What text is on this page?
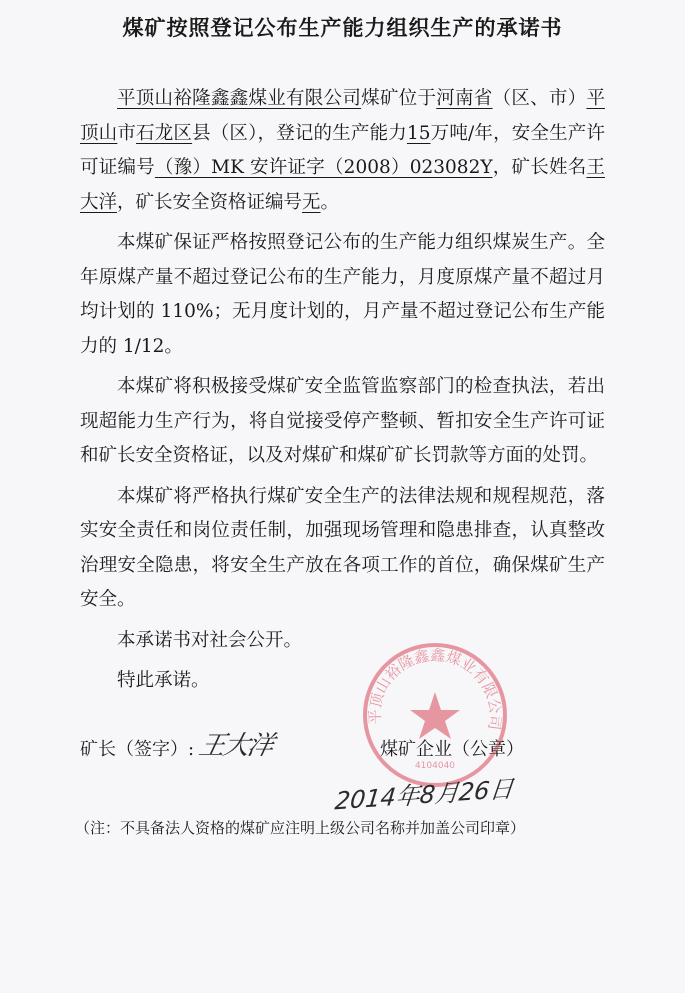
煤矿按照登记公布生产能力组织生产的承诺书

平顶山裕隆鑫鑫煤业有限公司煤矿位于河南省（区、市）平顶山市石龙区县（区），登记的生产能力15万吨/年，安全生产许可证编号（豫）MK 安许证字（2008）023082Y，矿长姓名王大洋，矿长安全资格证编号无。

本煤矿保证严格按照登记公布的生产能力组织煤炭生产。全年原煤产量不超过登记公布的生产能力，月度原煤产量不超过月均计划的 110%；无月度计划的，月产量不超过登记公布生产能力的 1/12。

本煤矿将积极接受煤矿安全监管监察部门的检查执法，若出现超能力生产行为，将自觉接受停产整顿、暂扣安全生产许可证和矿长安全资格证，以及对煤矿和煤矿矿长罚款等方面的处罚。

本煤矿将严格执行煤矿安全生产的法律法规和规程规范，落实安全责任和岗位责任制，加强现场管理和隐患排查，认真整改治理安全隐患，将安全生产放在各项工作的首位，确保煤矿生产安全。

本承诺书对社会公开。

特此承诺。

平顶山裕隆鑫鑫煤业有限公司
4104040
矿长（签字）: 王大洋	煤矿企业（公章）
2014年8月26日
（注：不具备法人资格的煤矿应注明上级公司名称并加盖公司印章）
